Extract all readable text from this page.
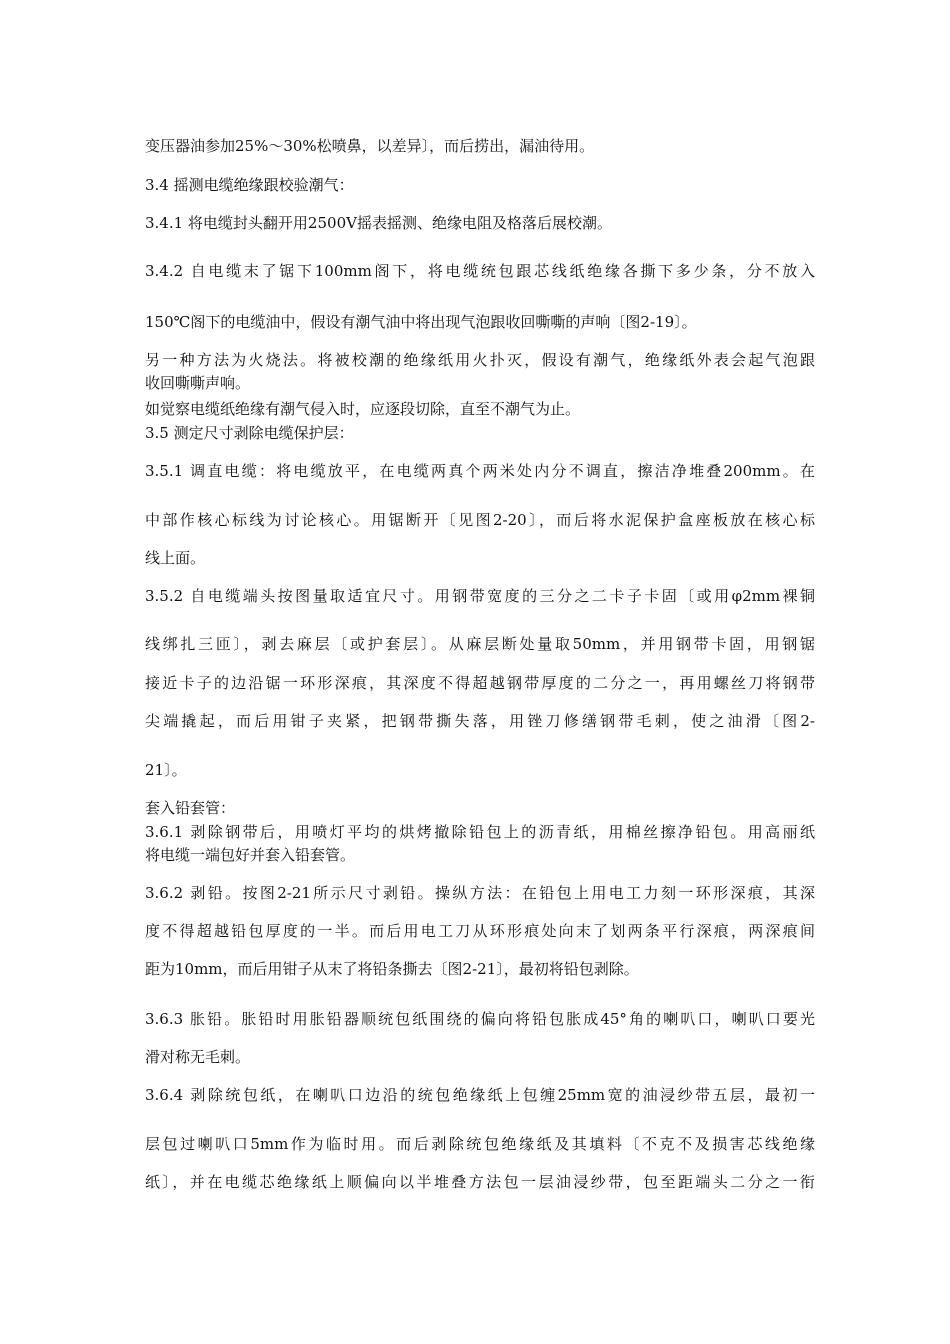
变压器油参加25%～30%松喷鼻，以差异〕，而后捞出，漏油待用。
3.4 摇测电缆绝缘跟校验潮气：
3.4.1 将电缆封头翻开用2500V摇表摇测、绝缘电阻及格落后展校潮。
3.4.2 自电缆末了锯下100mm阁下，将电缆统包跟芯线纸绝缘各撕下多少条，分不放入
150℃阁下的电缆油中，假设有潮气油中将出现气泡跟收回嘶嘶的声响〔图2-19〕。
另一种方法为火烧法。将被校潮的绝缘纸用火扑灭，假设有潮气，绝缘纸外表会起气泡跟
收回嘶嘶声响。
如觉察电缆纸绝缘有潮气侵入时，应逐段切除，直至不潮气为止。
3.5 测定尺寸剥除电缆保护层：
3.5.1 调直电缆：将电缆放平，在电缆两真个两米处内分不调直，擦洁净堆叠200mm。在
中部作核心标线为讨论核心。用锯断开〔见图2-20〕，而后将水泥保护盒座板放在核心标
线上面。
3.5.2 自电缆端头按图量取适宜尺寸。用钢带宽度的三分之二卡子卡固〔或用φ2mm裸铜
线绑扎三匝〕，剥去麻层〔或护套层〕。从麻层断处量取50mm，并用钢带卡固，用钢锯
接近卡子的边沿锯一环形深痕，其深度不得超越钢带厚度的二分之一，再用螺丝刀将钢带
尖端撬起，而后用钳子夹紧，把钢带撕失落，用锉刀修缮钢带毛刺，使之油滑〔图2-
21〕。
套入铅套管：
3.6.1 剥除钢带后，用喷灯平均的烘烤撤除铅包上的沥青纸，用棉丝擦净铅包。用高丽纸
将电缆一端包好并套入铅套管。
3.6.2 剥铅。按图2-21所示尺寸剥铅。操纵方法：在铅包上用电工力刻一环形深痕，其深
度不得超越铅包厚度的一半。而后用电工刀从环形痕处向末了划两条平行深痕，两深痕间
距为10mm，而后用钳子从末了将铅条撕去〔图2-21〕，最初将铅包剥除。
3.6.3 胀铅。胀铅时用胀铅器顺统包纸围绕的偏向将铅包胀成45°角的喇叭口，喇叭口要光
滑对称无毛刺。
3.6.4 剥除统包纸，在喇叭口边沿的统包绝缘纸上包缠25mm宽的油浸纱带五层，最初一
层包过喇叭口5mm作为临时用。而后剥除统包绝缘纸及其填料〔不克不及损害芯线绝缘
纸〕，并在电缆芯绝缘纸上顺偏向以半堆叠方法包一层油浸纱带，包至距端头二分之一衔
